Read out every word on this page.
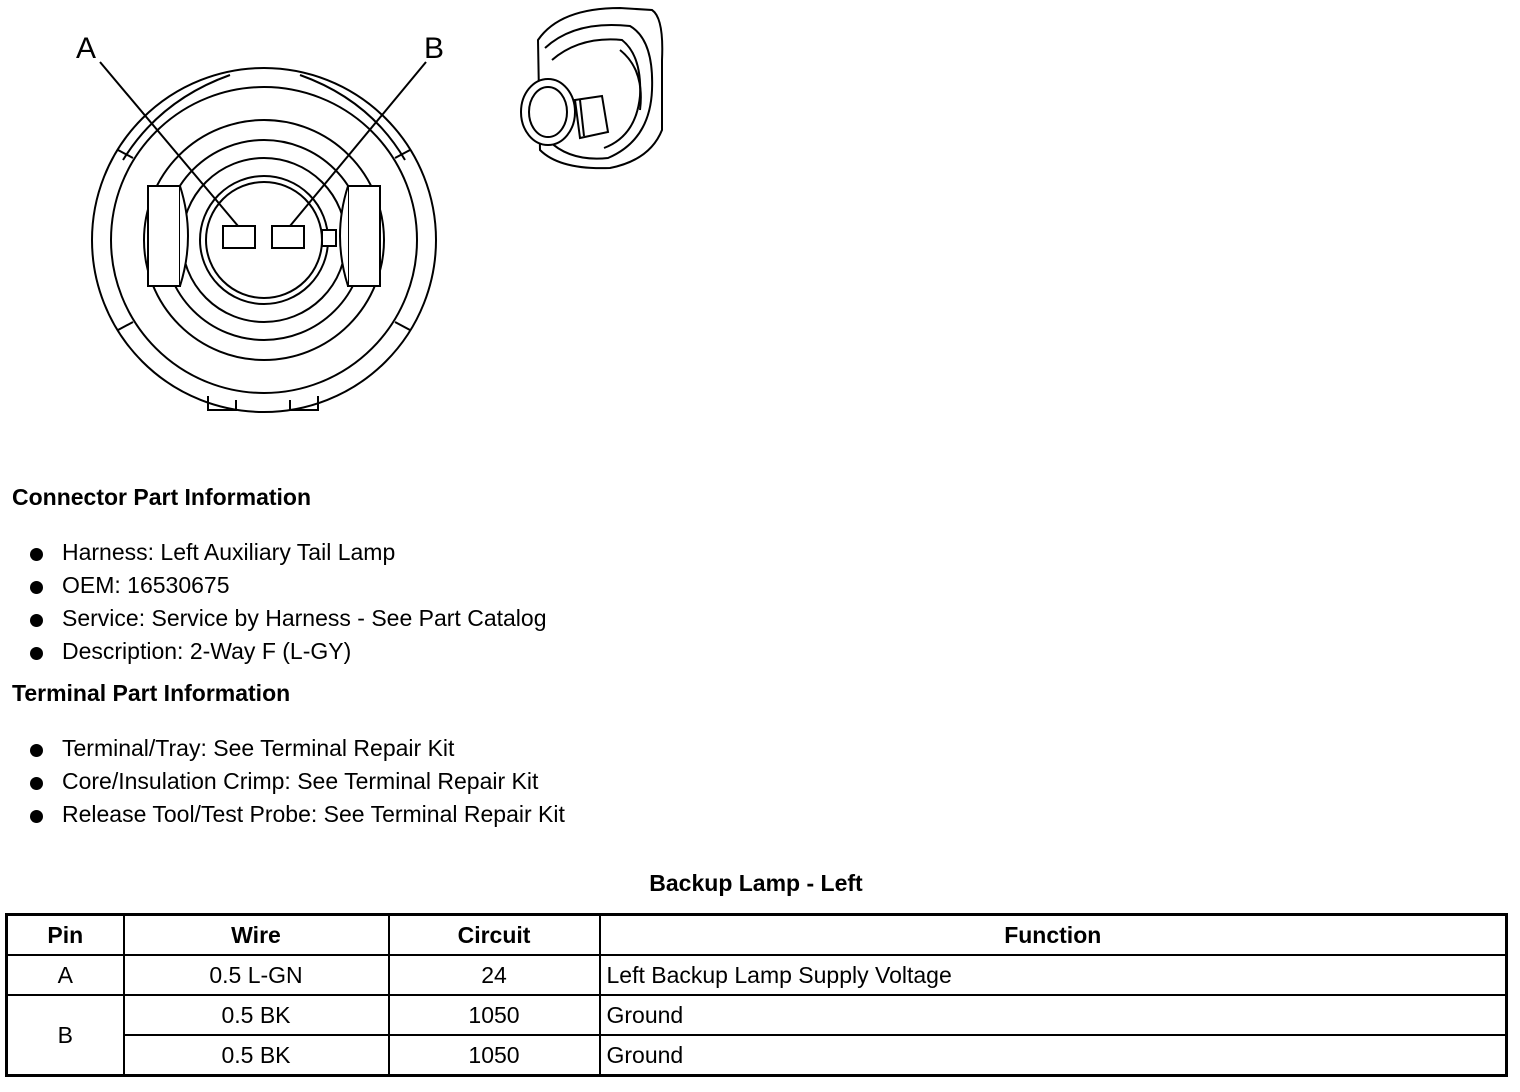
A	B
Connector Part Information
Harness: Left Auxiliary Tail Lamp
OEM: 16530675
Service: Service by Harness - See Part Catalog
Description: 2-Way F (L-GY)
Terminal Part Information
Terminal/Tray: See Terminal Repair Kit
Core/Insulation Crimp: See Terminal Repair Kit
Release Tool/Test Probe: See Terminal Repair Kit
Backup Lamp - Left
Pin	Wire	Circuit	Function
A	0.5 L-GN	24	Left Backup Lamp Supply Voltage
B	0.5 BK	1050	Ground
	0.5 BK	1050	Ground
